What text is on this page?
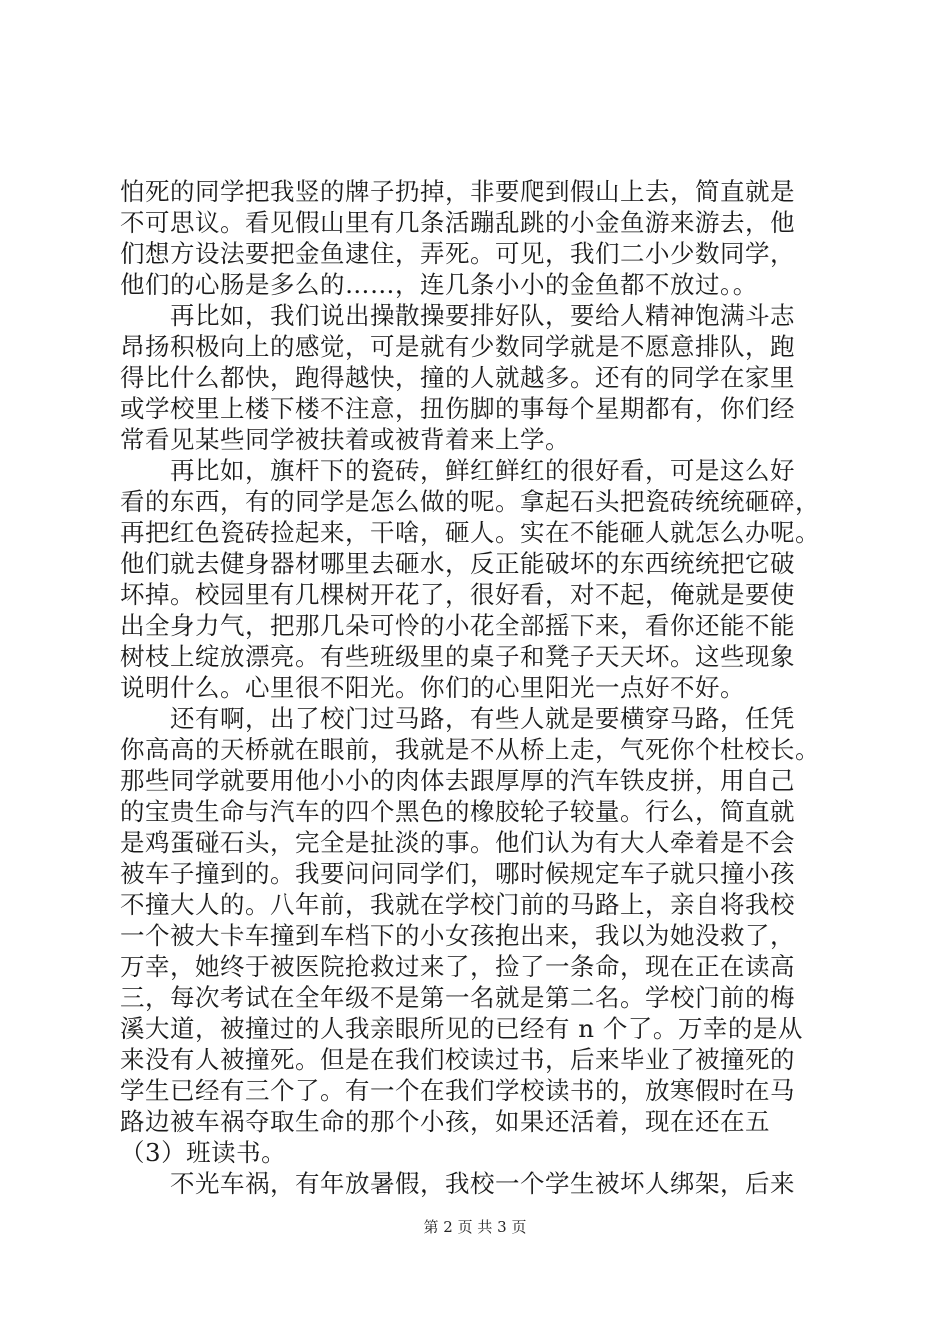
怕死的同学把我竖的牌子扔掉，非要爬到假山上去，简直就是
不可思议。看见假山里有几条活蹦乱跳的小金鱼游来游去，他
们想方设法要把金鱼逮住，弄死。可见，我们二小少数同学，
他们的心肠是多么的……，连几条小小的金鱼都不放过。。
　　再比如，我们说出操散操要排好队，要给人精神饱满斗志
昂扬积极向上的感觉，可是就有少数同学就是不愿意排队，跑
得比什么都快，跑得越快，撞的人就越多。还有的同学在家里
或学校里上楼下楼不注意，扭伤脚的事每个星期都有，你们经
常看见某些同学被扶着或被背着来上学。
　　再比如，旗杆下的瓷砖，鲜红鲜红的很好看，可是这么好
看的东西，有的同学是怎么做的呢。拿起石头把瓷砖统统砸碎，
再把红色瓷砖捡起来，干啥，砸人。实在不能砸人就怎么办呢。
他们就去健身器材哪里去砸水，反正能破坏的东西统统把它破
坏掉。校园里有几棵树开花了，很好看，对不起，俺就是要使
出全身力气，把那几朵可怜的小花全部摇下来，看你还能不能
树枝上绽放漂亮。有些班级里的桌子和凳子天天坏。这些现象
说明什么。心里很不阳光。你们的心里阳光一点好不好。
　　还有啊，出了校门过马路，有些人就是要横穿马路，任凭
你高高的天桥就在眼前，我就是不从桥上走，气死你个杜校长。
那些同学就要用他小小的肉体去跟厚厚的汽车铁皮拼，用自己
的宝贵生命与汽车的四个黑色的橡胶轮子较量。行么，简直就
是鸡蛋碰石头，完全是扯淡的事。他们认为有大人牵着是不会
被车子撞到的。我要问问同学们，哪时候规定车子就只撞小孩
不撞大人的。八年前，我就在学校门前的马路上，亲自将我校
一个被大卡车撞到车档下的小女孩抱出来，我以为她没救了，
万幸，她终于被医院抢救过来了，捡了一条命，现在正在读高
三，每次考试在全年级不是第一名就是第二名。学校门前的梅
溪大道，被撞过的人我亲眼所见的已经有 n 个了。万幸的是从
来没有人被撞死。但是在我们校读过书，后来毕业了被撞死的
学生已经有三个了。有一个在我们学校读书的，放寒假时在马
路边被车祸夺取生命的那个小孩，如果还活着，现在还在五
（3）班读书。
　　不光车祸，有年放暑假，我校一个学生被坏人绑架，后来
第 2 页 共 3 页
